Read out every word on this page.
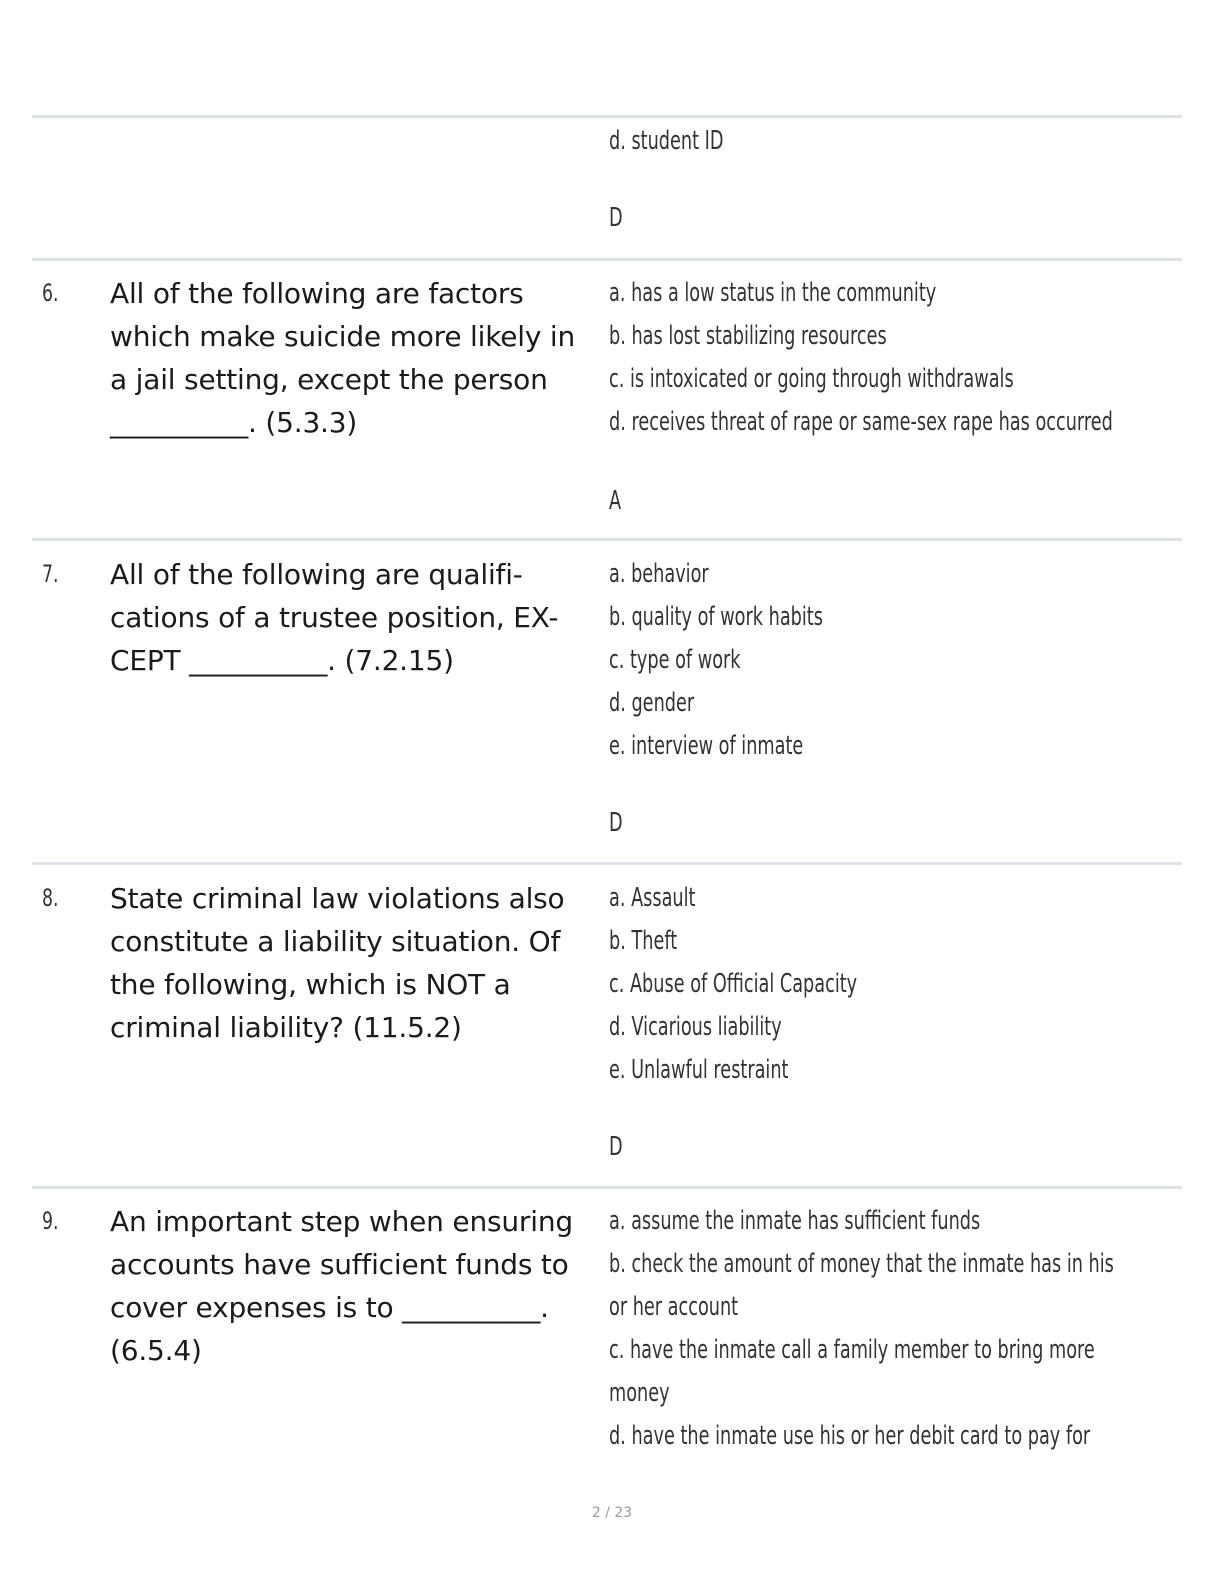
d. student ID
D
6. All of the following are factors
which make suicide more likely in
a jail setting, except the person
__________. (5.3.3)
a. has a low status in the community
b. has lost stabilizing resources
c. is intoxicated or going through withdrawals
d. receives threat of rape or same-sex rape has occurred
A
7. All of the following are qualifi-
cations of a trustee position, EX-
CEPT __________. (7.2.15)
a. behavior
b. quality of work habits
c. type of work
d. gender
e. interview of inmate
D
8. State criminal law violations also
constitute a liability situation. Of
the following, which is NOT a
criminal liability? (11.5.2)
a. Assault
b. Theft
c. Abuse of Official Capacity
d. Vicarious liability
e. Unlawful restraint
D
9. An important step when ensuring
accounts have sufficient funds to
cover expenses is to __________.
(6.5.4)
a. assume the inmate has sufficient funds
b. check the amount of money that the inmate has in his
or her account
c. have the inmate call a family member to bring more
money
d. have the inmate use his or her debit card to pay for
2 / 23
